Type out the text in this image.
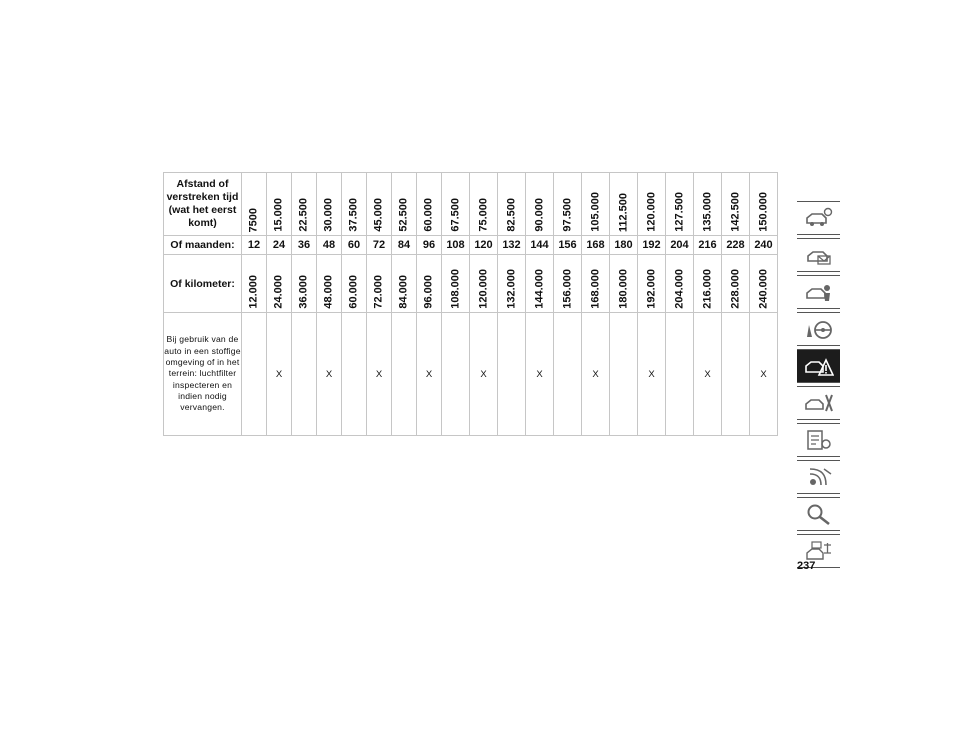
Afstand of verstreken tijd (wat het eerst komt)	7500	15.000	22.500	30.000	37.500	45.000	52.500	60.000	67.500	75.000	82.500	90.000	97.500	105.000	112.500	120.000	127.500	135.000	142.500	150.000

Of maanden:	12	24	36	48	60	72	84	96	108	120	132	144	156	168	180	192	204	216	228	240
Of kilometer:	12.000	24.000	36.000	48.000	60.000	72.000	84.000	96.000	108.000	120.000	132.000	144.000	156.000	168.000	180.000	192.000	204.000	216.000	228.000	240.000

Bij gebruik van de auto in een stoffige omgeving of in het terrein: luchtfilter inspecteren en indien nodig vervangen.		X		X		X		X		X		X		X		X		X		X
237
